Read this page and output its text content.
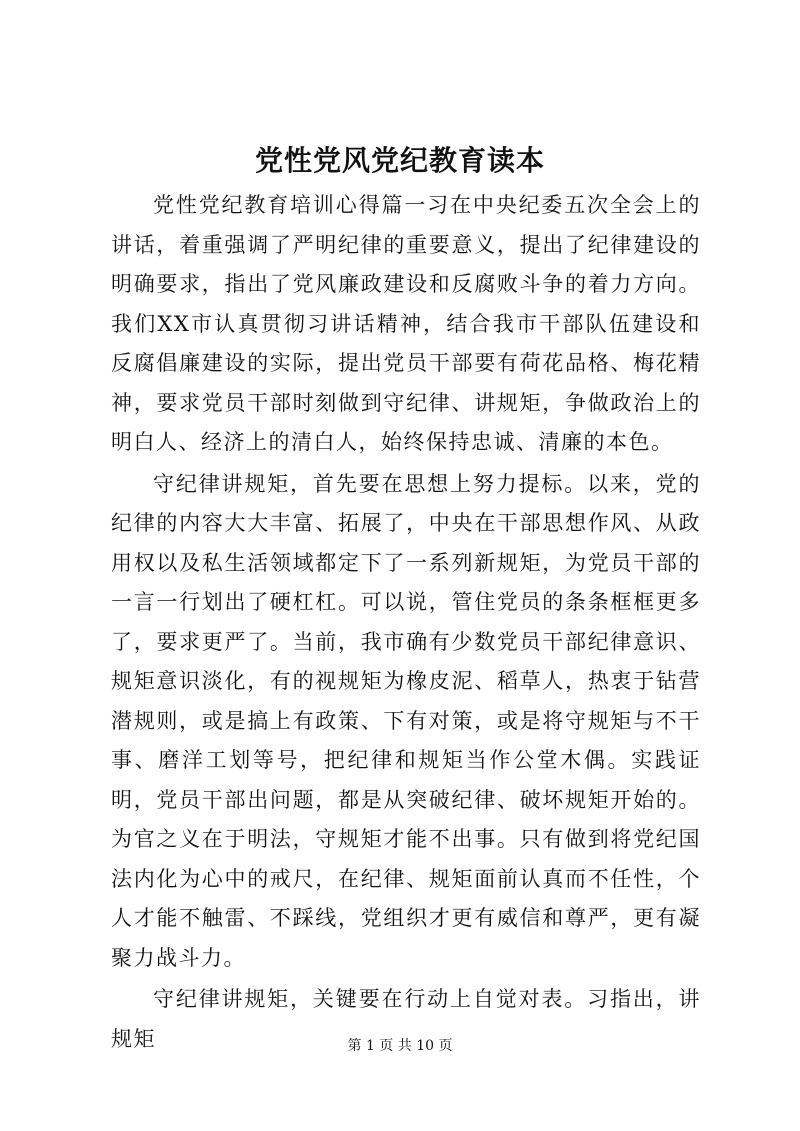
党性党风党纪教育读本

党性党纪教育培训心得篇一习在中央纪委五次全会上的讲话，着重强调了严明纪律的重要意义，提出了纪律建设的明确要求，指出了党风廉政建设和反腐败斗争的着力方向。我们XX市认真贯彻习讲话精神，结合我市干部队伍建设和反腐倡廉建设的实际，提出党员干部要有荷花品格、梅花精神，要求党员干部时刻做到守纪律、讲规矩，争做政治上的明白人、经济上的清白人，始终保持忠诚、清廉的本色。

守纪律讲规矩，首先要在思想上努力提标。以来，党的纪律的内容大大丰富、拓展了，中央在干部思想作风、从政用权以及私生活领域都定下了一系列新规矩，为党员干部的一言一行划出了硬杠杠。可以说，管住党员的条条框框更多了，要求更严了。当前，我市确有少数党员干部纪律意识、规矩意识淡化，有的视规矩为橡皮泥、稻草人，热衷于钻营潜规则，或是搞上有政策、下有对策，或是将守规矩与不干事、磨洋工划等号，把纪律和规矩当作公堂木偶。实践证明，党员干部出问题，都是从突破纪律、破坏规矩开始的。为官之义在于明法，守规矩才能不出事。只有做到将党纪国法内化为心中的戒尺，在纪律、规矩面前认真而不任性，个人才能不触雷、不踩线，党组织才更有威信和尊严，更有凝聚力战斗力。

守纪律讲规矩，关键要在行动上自觉对表。习指出，讲规矩	第 1 页 共 10 页
